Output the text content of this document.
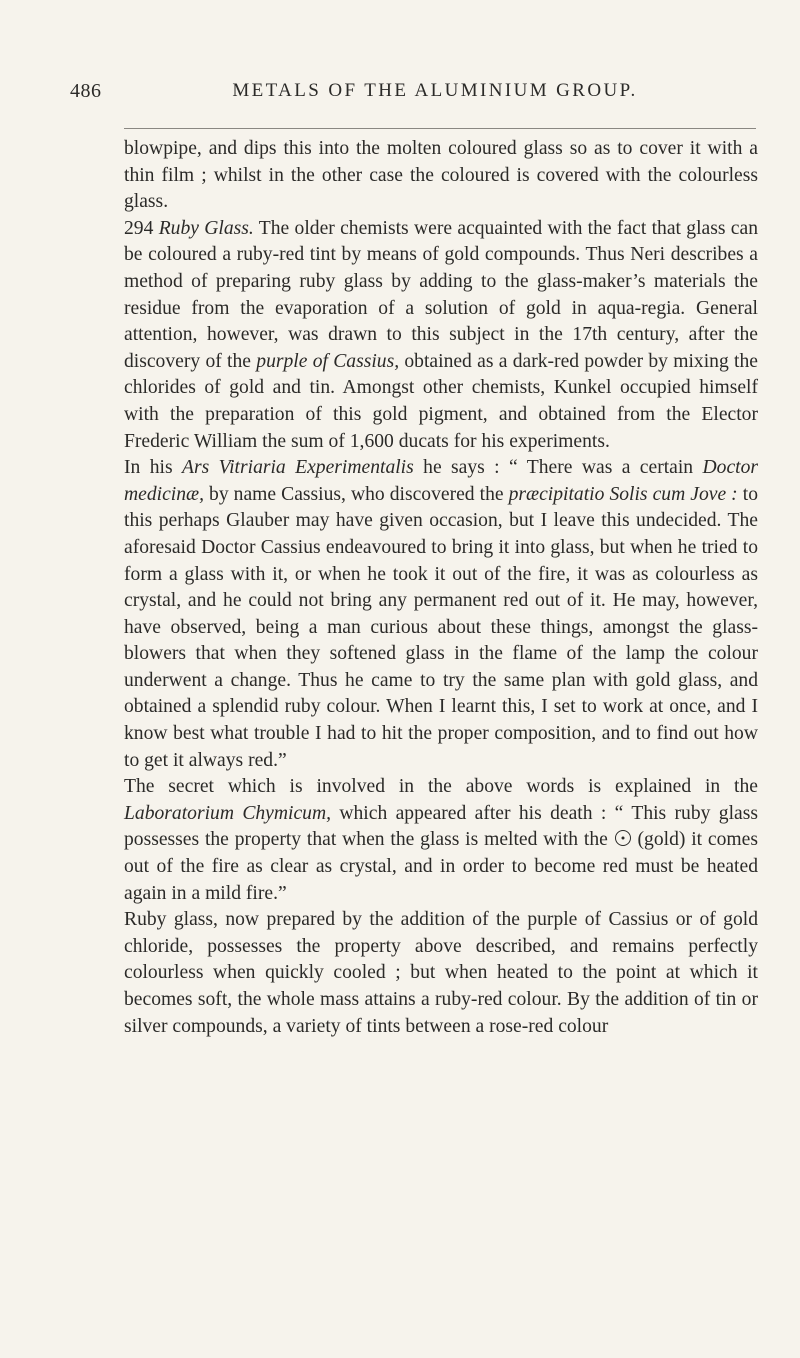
486	METALS OF THE ALUMINIUM GROUP.

blowpipe, and dips this into the molten coloured glass so as to cover it with a thin film ; whilst in the other case the coloured is covered with the colourless glass.

294 Ruby Glass. The older chemists were acquainted with the fact that glass can be coloured a ruby-red tint by means of gold compounds. Thus Neri describes a method of preparing ruby glass by adding to the glass-maker’s materials the residue from the evaporation of a solution of gold in aqua-regia. General attention, however, was drawn to this subject in the 17th century, after the discovery of the purple of Cassius, obtained as a dark-red powder by mixing the chlorides of gold and tin. Amongst other chemists, Kunkel occupied himself with the preparation of this gold pigment, and obtained from the Elector Frederic William the sum of 1,600 ducats for his experiments.

In his Ars Vitriaria Experimentalis he says : “ There was a certain Doctor medicinæ, by name Cassius, who discovered the præcipitatio Solis cum Jove : to this perhaps Glauber may have given occasion, but I leave this undecided. The aforesaid Doctor Cassius endeavoured to bring it into glass, but when he tried to form a glass with it, or when he took it out of the fire, it was as colourless as crystal, and he could not bring any permanent red out of it. He may, however, have observed, being a man curious about these things, amongst the glass-blowers that when they softened glass in the flame of the lamp the colour underwent a change. Thus he came to try the same plan with gold glass, and obtained a splendid ruby colour. When I learnt this, I set to work at once, and I know best what trouble I had to hit the proper composition, and to find out how to get it always red.”

The secret which is involved in the above words is explained in the Laboratorium Chymicum, which appeared after his death : “ This ruby glass possesses the property that when the glass is melted with the  (gold) it comes out of the fire as clear as crystal, and in order to become red must be heated again in a mild fire.”

Ruby glass, now prepared by the addition of the purple of Cassius or of gold chloride, possesses the property above described, and remains perfectly colourless when quickly cooled ; but when heated to the point at which it becomes soft, the whole mass attains a ruby-red colour. By the addition of tin or silver compounds, a variety of tints between a rose-red colour
